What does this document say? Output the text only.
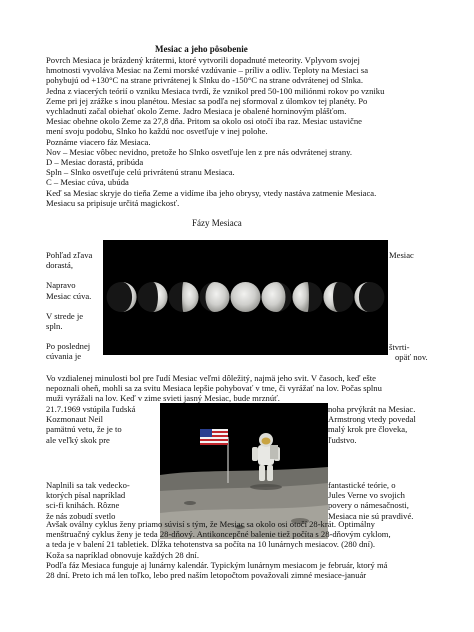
Mesiac a jeho pôsobenie
Povrch Mesiaca je brázdený krátermi, ktoré vytvorili dopadnuté meteority. Vplyvom svojej
hmotnosti vyvoláva Mesiac na Zemi morské vzdúvanie – príliv a odliv. Teploty na Mesiaci sa
pohybujú od +130°C na strane privrátenej k Slnku do -150°C na strane odvrátenej od Slnka.
Jedna z viacerých teórií o vzniku Mesiaca tvrdí, že vznikol pred 50-100 miliónmi rokov po vzniku
Zeme pri jej zrážke s inou planétou. Mesiac sa podľa nej sformoval z úlomkov tej planéty. Po
vychladnutí začal obiehať okolo Zeme. Jadro Mesiaca je obalené horninovým plášťom.
Mesiac obehne okolo Zeme za 27,8 dňa. Pritom sa okolo osi otočí iba raz. Mesiac ustavične
mení svoju podobu, Slnko ho každú noc osvetľuje v inej polohe.
Poznáme viacero fáz Mesiaca.
Nov – Mesiac vôbec nevidno, pretože ho Slnko osvetľuje len z pre nás odvrátenej strany.
D – Mesiac dorastá, pribúda
Spln – Slnko osvetľuje celú privrátenú stranu Mesiaca.
C – Mesiac cúva, ubúda
Keď sa Mesiac skryje do tieňa Zeme a vidíme iba jeho obrysy, vtedy nastáva zatmenie Mesiaca.
Mesiacu sa pripisuje určitá magickosť.
Fázy Mesiaca
Pohľad zľava
dorastá,
Napravo
Mesiac cúva.
V strede je
spln.
Po poslednej
cúvania je
Mesiac
štvrti-
opäť nov.
Vo vzdialenej minulosti bol pre ľudí Mesiac veľmi dôležitý, najmä jeho svit. V časoch, keď ešte
nepoznali oheň, mohli sa za svitu Mesiaca lepšie pohybovať v tme, či vyrážať na lov. Počas splnu
muži vyrážali na lov. Keď v zime svieti jasný Mesiac, bude mrznúť.
21.7.1969 vstúpila ľudská
Kozmonaut Neil
pamätnú vetu, že je to
ale veľký skok pre
noha prvýkrát na Mesiac.
Armstrong vtedy povedal
malý krok pre človeka,
ľudstvo.
Naplnili sa tak vedecko-
ktorých písal napríklad
sci-fi knihách. Rôzne
že nás zobudí svetlo
fantastické teórie, o
Jules Verne vo svojich
povery o námesačnosti,
Mesiaca nie sú pravdivé.
Avšak oválny cyklus ženy priamo súvisí s tým, že Mesiac sa okolo osi otočí 28-krát. Optimálny
menštruačný cyklus ženy je teda 28-dňový. Antikoncepčné balenie tiež počíta s 28-dňovým cyklom,
a teda je v balení 21 tabletiek. Dĺžka tehotenstva sa počíta na 10 lunárnych mesiacov. (280 dní).
Koža sa napríklad obnovuje každých 28 dní.
Podľa fáz Mesiaca funguje aj lunárny kalendár. Typickým lunárnym mesiacom je február, ktorý má
28 dní. Preto ich má len toľko, lebo pred naším letopočtom považovali zimné mesiace-január
